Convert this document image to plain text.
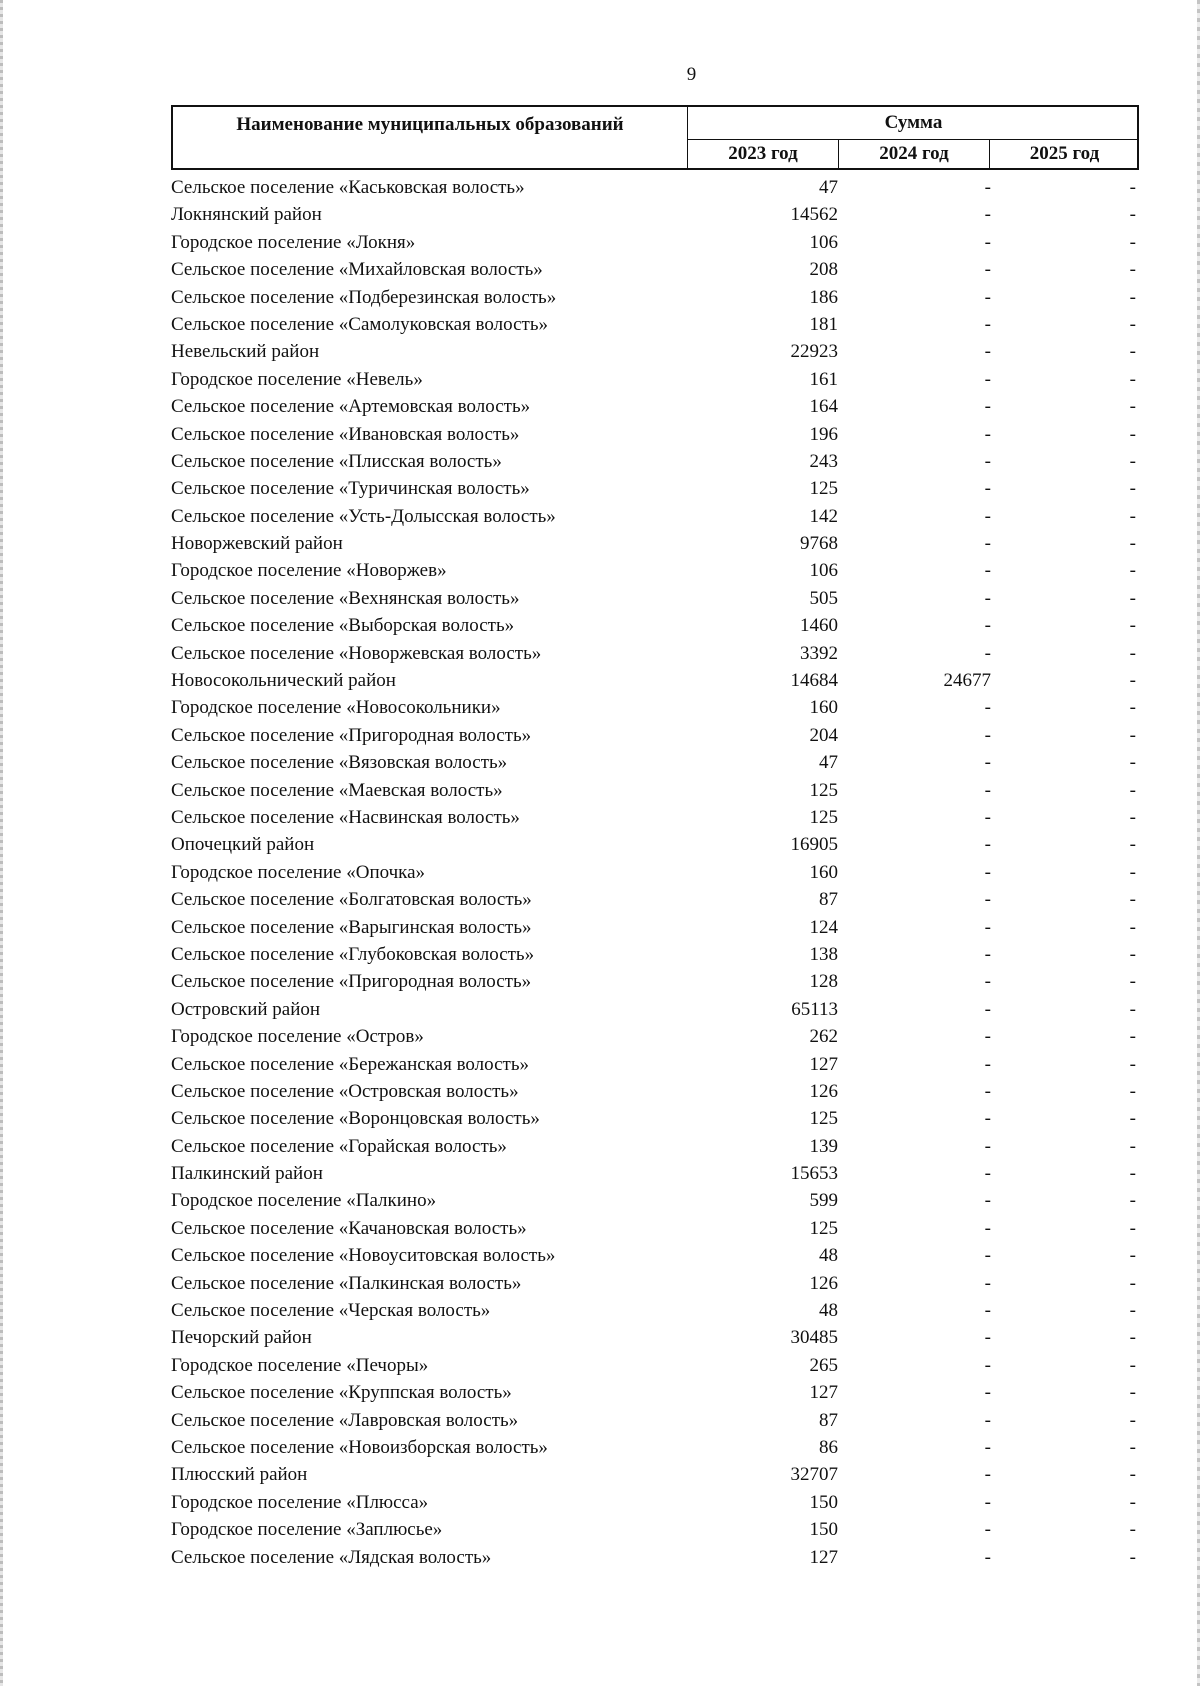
9
Наименование муниципальных образований	Сумма
2023 год	2024 год	2025 год
Сельское поселение «Каськовская волость»	47	-	-
Локнянский район	14562	-	-
Городское поселение «Локня»	106	-	-
Сельское поселение «Михайловская волость»	208	-	-
Сельское поселение «Подберезинская волость»	186	-	-
Сельское поселение «Самолуковская волость»	181	-	-
Невельский район	22923	-	-
Городское поселение «Невель»	161	-	-
Сельское поселение «Артемовская волость»	164	-	-
Сельское поселение «Ивановская волость»	196	-	-
Сельское поселение «Плисская волость»	243	-	-
Сельское поселение «Туричинская волость»	125	-	-
Сельское поселение «Усть-Долысская волость»	142	-	-
Новоржевский район	9768	-	-
Городское поселение «Новоржев»	106	-	-
Сельское поселение «Вехнянская волость»	505	-	-
Сельское поселение «Выборская волость»	1460	-	-
Сельское поселение «Новоржевская волость»	3392	-	-
Новосокольнический район	14684	24677	-
Городское поселение «Новосокольники»	160	-	-
Сельское поселение «Пригородная волость»	204	-	-
Сельское поселение «Вязовская волость»	47	-	-
Сельское поселение «Маевская волость»	125	-	-
Сельское поселение «Насвинская волость»	125	-	-
Опочецкий район	16905	-	-
Городское поселение «Опочка»	160	-	-
Сельское поселение «Болгатовская волость»	87	-	-
Сельское поселение «Варыгинская волость»	124	-	-
Сельское поселение «Глубоковская волость»	138	-	-
Сельское поселение «Пригородная волость»	128	-	-
Островский район	65113	-	-
Городское поселение «Остров»	262	-	-
Сельское поселение «Бережанская волость»	127	-	-
Сельское поселение «Островская волость»	126	-	-
Сельское поселение «Воронцовская волость»	125	-	-
Сельское поселение «Горайская волость»	139	-	-
Палкинский район	15653	-	-
Городское поселение «Палкино»	599	-	-
Сельское поселение «Качановская волость»	125	-	-
Сельское поселение «Новоуситовская волость»	48	-	-
Сельское поселение «Палкинская волость»	126	-	-
Сельское поселение «Черская волость»	48	-	-
Печорский район	30485	-	-
Городское поселение «Печоры»	265	-	-
Сельское поселение «Круппская волость»	127	-	-
Сельское поселение «Лавровская волость»	87	-	-
Сельское поселение «Новоизборская волость»	86	-	-
Плюсский район	32707	-	-
Городское поселение «Плюсса»	150	-	-
Городское поселение «Заплюсье»	150	-	-
Сельское поселение «Лядская волость»	127	-	-
